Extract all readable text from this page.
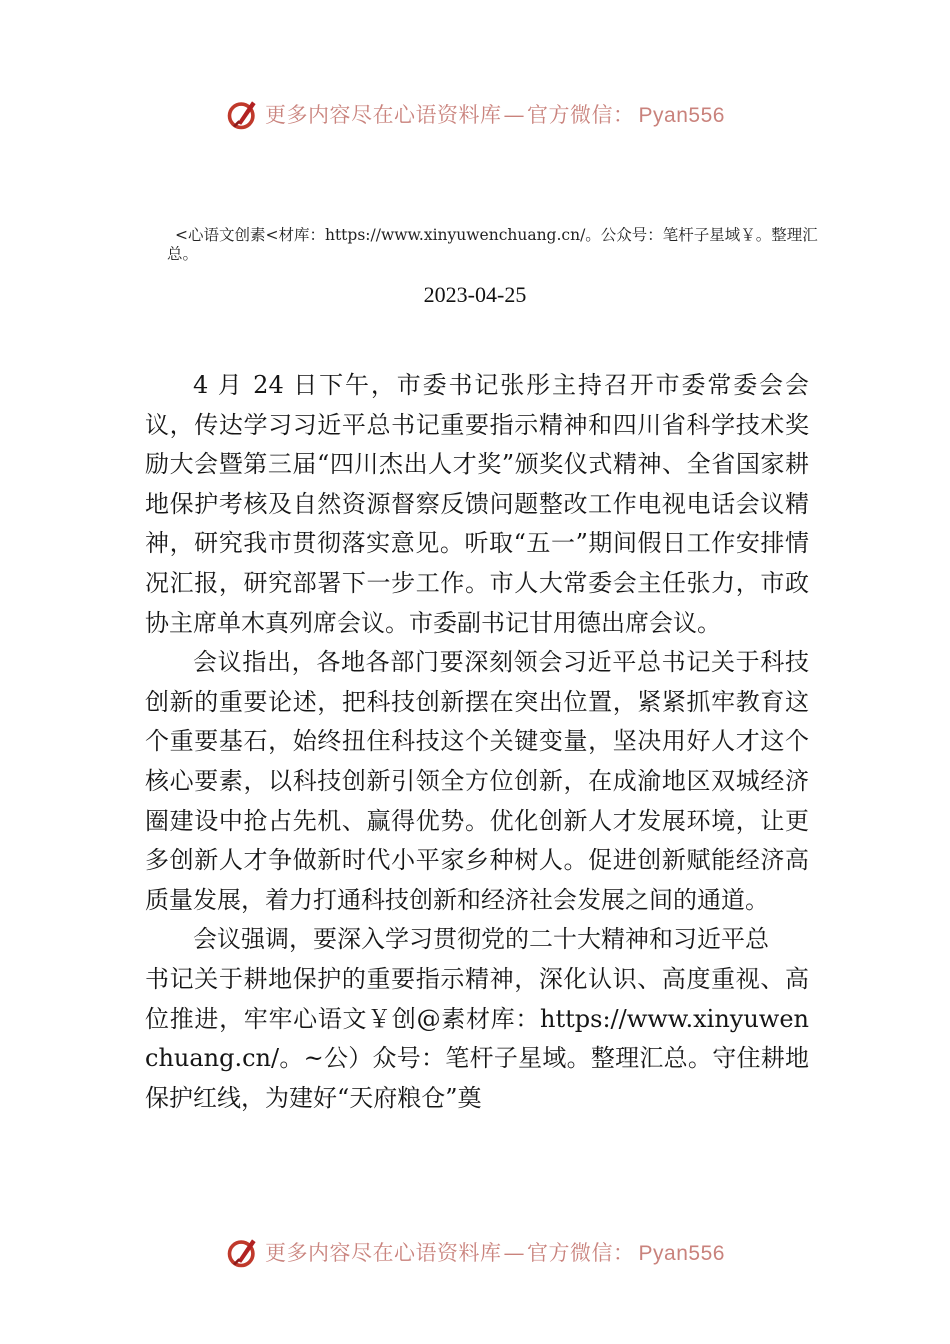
更多内容尽在心语资料库—官方微信： Pyan556
<心语文创素<材库：https://www.xinyuwenchuang.cn/。公众号：笔杆子星域￥。整理汇总。
2023-04-25

4 月 24 日下午，市委书记张彤主持召开市委常委会会议，传达学习习近平总书记重要指示精神和四川省科学技术奖励大会暨第三届“四川杰出人才奖”颁奖仪式精神、全省国家耕地保护考核及自然资源督察反馈问题整改工作电视电话会议精神，研究我市贯彻落实意见。听取“五一”期间假日工作安排情况汇报，研究部署下一步工作。市人大常委会主任张力，市政协主席单木真列席会议。市委副书记甘用德出席会议。

会议指出，各地各部门要深刻领会习近平总书记关于科技创新的重要论述，把科技创新摆在突出位置，紧紧抓牢教育这个重要基石，始终扭住科技这个关键变量，坚决用好人才这个核心要素，以科技创新引领全方位创新，在成渝地区双城经济圈建设中抢占先机、赢得优势。优化创新人才发展环境，让更多创新人才争做新时代小平家乡种树人。促进创新赋能经济高质量发展，着力打通科技创新和经济社会发展之间的通道。

会议强调，要深入学习贯彻党的二十大精神和习近平总

书记关于耕地保护的重要指示精神，深化认识、高度重视、高位推进，牢牢心语文￥创@素材库：https://www.xinyuwenchuang.cn/。~公）众号：笔杆子星域。整理汇总。守住耕地保护红线，为建好“天府粮仓”奠

更多内容尽在心语资料库—官方微信： Pyan556
